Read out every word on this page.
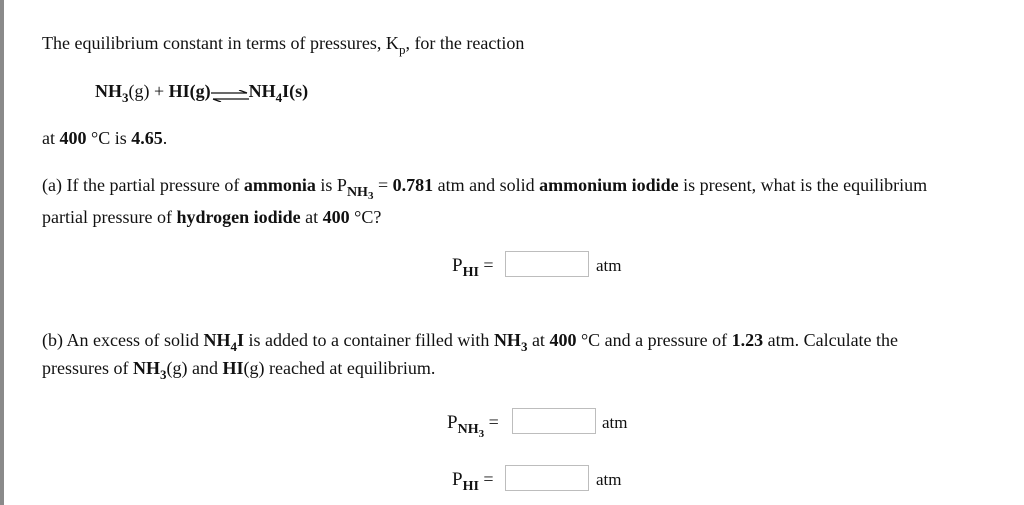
The equilibrium constant in terms of pressures, $K_p$, for the reaction
$NH_3(g)$ + $HI(g)\rightleftharpoons NH_4I(s)$
at 400 °C is 4.65.
(a) If the partial pressure of ammonia is $P_{NH_3} = 0.781$ atm and solid ammonium iodide is present, what is the equilibrium
partial pressure of hydrogen iodide at 400 °C?
$P_{HI}$ =	atm
(b) An excess of solid $NH_4I$ is added to a container filled with $NH_3$ at 400 °C and a pressure of 1.23 atm. Calculate the
pressures of $NH_3(g)$ and HI(g) reached at equilibrium.
$P_{NH_3}$ =	atm
$P_{HI}$ =	atm
